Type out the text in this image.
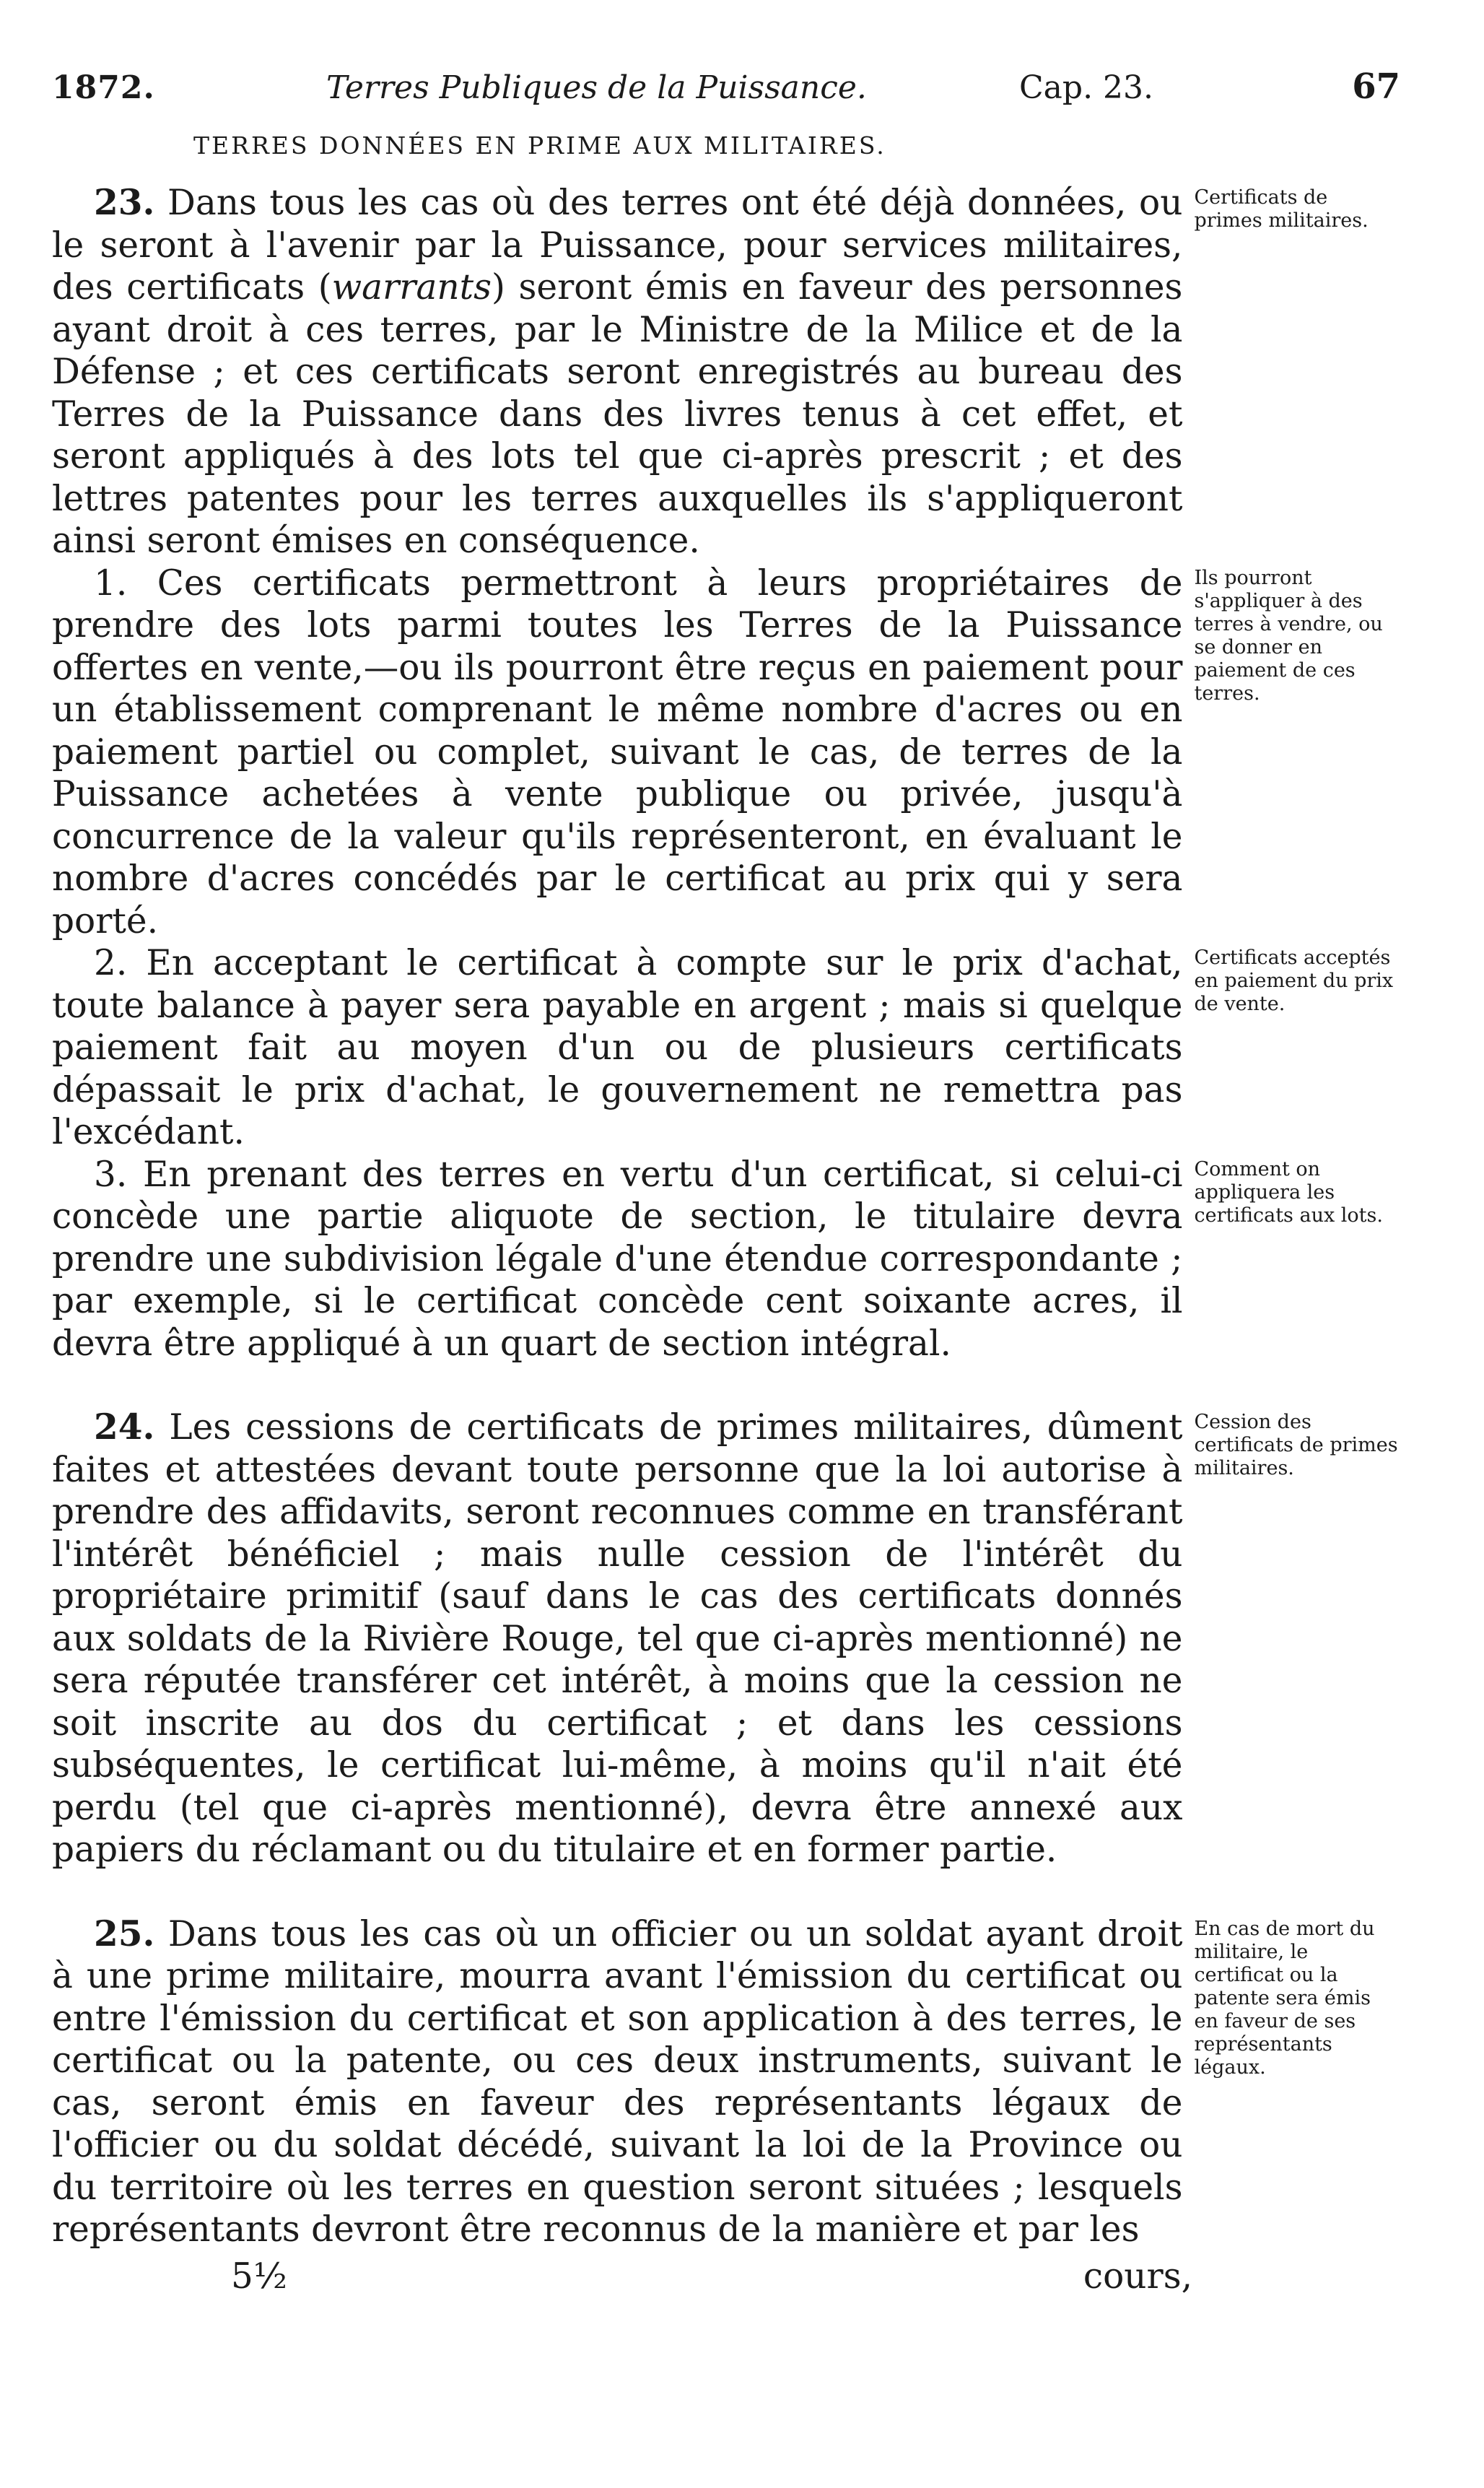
1872.	Terres Publiques de la Puissance.	Cap. 23.	67
TERRES DONNÉES EN PRIME AUX MILITAIRES.

23. Dans tous les cas où des terres ont été déjà données, ou le seront à l'avenir par la Puissance, pour services militaires, des certificats (warrants) seront émis en faveur des personnes ayant droit à ces terres, par le Ministre de la Milice et de la Défense ; et ces certificats seront enregistrés au bureau des Terres de la Puissance dans des livres tenus à cet effet, et seront appliqués à des lots tel que ci-après prescrit ; et des lettres patentes pour les terres auxquelles ils s'appliqueront ainsi seront émises en conséquence.

Certificats de primes militaires.

1. Ces certificats permettront à leurs propriétaires de prendre des lots parmi toutes les Terres de la Puissance offertes en vente,—ou ils pourront être reçus en paiement pour un établissement comprenant le même nombre d'acres ou en paiement partiel ou complet, suivant le cas, de terres de la Puissance achetées à vente publique ou privée, jusqu'à concurrence de la valeur qu'ils représenteront, en évaluant le nombre d'acres concédés par le certificat au prix qui y sera porté.

Ils pourront s'appliquer à des terres à vendre, ou se donner en paiement de ces terres.

2. En acceptant le certificat à compte sur le prix d'achat, toute balance à payer sera payable en argent ; mais si quelque paiement fait au moyen d'un ou de plusieurs certificats dépassait le prix d'achat, le gouvernement ne remettra pas l'excédant.

Certificats acceptés en paiement du prix de vente.

3. En prenant des terres en vertu d'un certificat, si celui-ci concède une partie aliquote de section, le titulaire devra prendre une subdivision légale d'une étendue correspondante ; par exemple, si le certificat concède cent soixante acres, il devra être appliqué à un quart de section intégral.

Comment on appliquera les certificats aux lots.

24. Les cessions de certificats de primes militaires, dûment faites et attestées devant toute personne que la loi autorise à prendre des affidavits, seront reconnues comme en transférant l'intérêt bénéficiel ; mais nulle cession de l'intérêt du propriétaire primitif (sauf dans le cas des certificats donnés aux soldats de la Rivière Rouge, tel que ci-après mentionné) ne sera réputée transférer cet intérêt, à moins que la cession ne soit inscrite au dos du certificat ; et dans les cessions subséquentes, le certificat lui-même, à moins qu'il n'ait été perdu (tel que ci-après mentionné), devra être annexé aux papiers du réclamant ou du titulaire et en former partie.

Cession des certificats de primes militaires.

25. Dans tous les cas où un officier ou un soldat ayant droit à une prime militaire, mourra avant l'émission du certificat ou entre l'émission du certificat et son application à des terres, le certificat ou la patente, ou ces deux instruments, suivant le cas, seront émis en faveur des représentants légaux de l'officier ou du soldat décédé, suivant la loi de la Province ou du territoire où les terres en question seront situées ; lesquels représentants devront être reconnus de la manière et par les

En cas de mort du militaire, le certificat ou la patente sera émis en faveur de ses représentants légaux.
5½	cours,
